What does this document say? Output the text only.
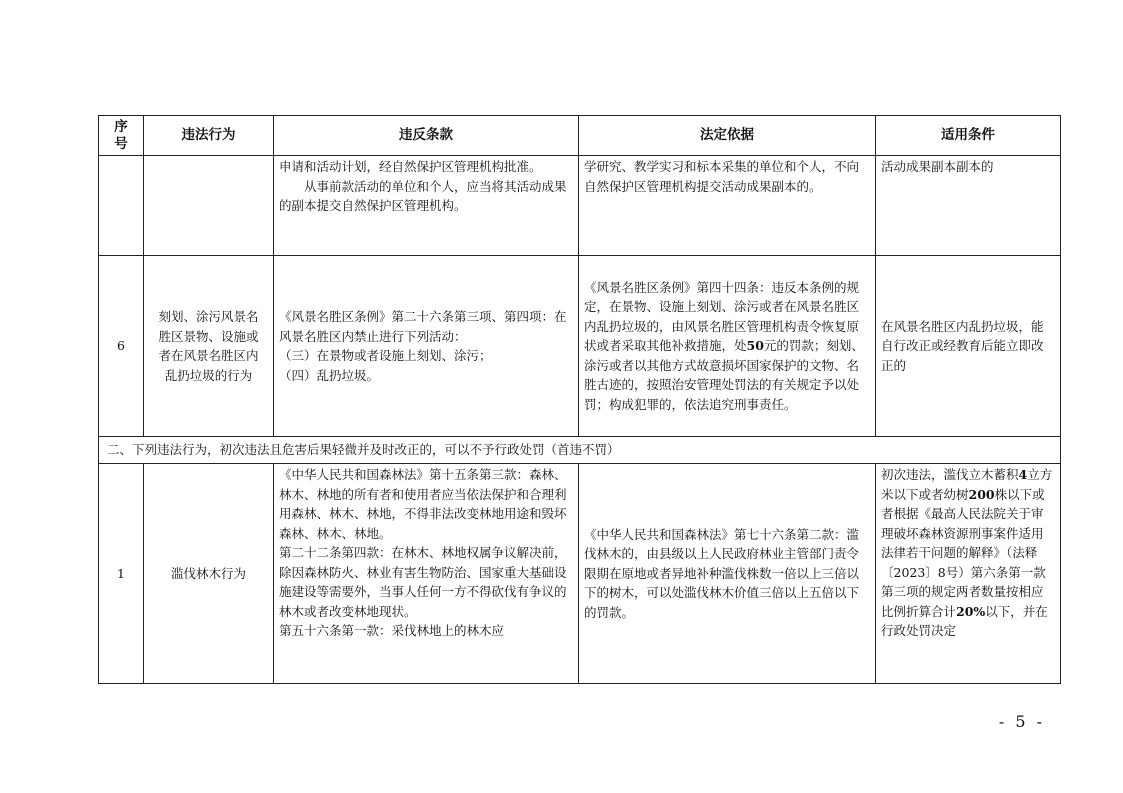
序号	违法行为	违反条款	法定依据	适用条件

		申请和活动计划，经自然保护区管理机构批准。

从事前款活动的单位和个人，应当将其活动成果的副本提交自然保护区管理机构。	学研究、教学实习和标本采集的单位和个人，不向自然保护区管理机构提交活动成果副本的。	活动成果副本副本的
6	刻划、涂污风景名胜区景物、设施或者在风景名胜区内乱扔垃圾的行为	《风景名胜区条例》第二十六条第三项、第四项：在风景名胜区内禁止进行下列活动：

（三）在景物或者设施上刻划、涂污；

（四）乱扔垃圾。	《风景名胜区条例》第四十四条：违反本条例的规定，在景物、设施上刻划、涂污或者在风景名胜区内乱扔垃圾的，由风景名胜区管理机构责令恢复原状或者采取其他补救措施，处50元的罚款；刻划、涂污或者以其他方式故意损坏国家保护的文物、名胜古迹的，按照治安管理处罚法的有关规定予以处罚；构成犯罪的，依法追究刑事责任。	在风景名胜区内乱扔垃圾，能自行改正或经教育后能立即改正的
二、下列违法行为，初次违法且危害后果轻微并及时改正的，可以不予行政处罚（首违不罚）				
1	滥伐林木行为	《中华人民共和国森林法》第十五条第三款：森林、林木、林地的所有者和使用者应当依法保护和合理利用森林、林木、林地，不得非法改变林地用途和毁坏森林、林木、林地。

第二十二条第四款：在林木、林地权属争议解决前，除因森林防火、林业有害生物防治、国家重大基础设施建设等需要外，当事人任何一方不得砍伐有争议的林木或者改变林地现状。

第五十六条第一款：采伐林地上的林木应	《中华人民共和国森林法》第七十六条第二款：滥伐林木的，由县级以上人民政府林业主管部门责令限期在原地或者异地补种滥伐株数一倍以上三倍以下的树木，可以处滥伐林木价值三倍以上五倍以下的罚款。	初次违法，滥伐立木蓄积4立方米以下或者幼树200株以下或者根据《最高人民法院关于审理破坏森林资源刑事案件适用法律若干问题的解释》（法释〔2023〕8号）第六条第一款第三项的规定两者数量按相应比例折算合计20%以下，并在行政处罚决定
- 5 -
